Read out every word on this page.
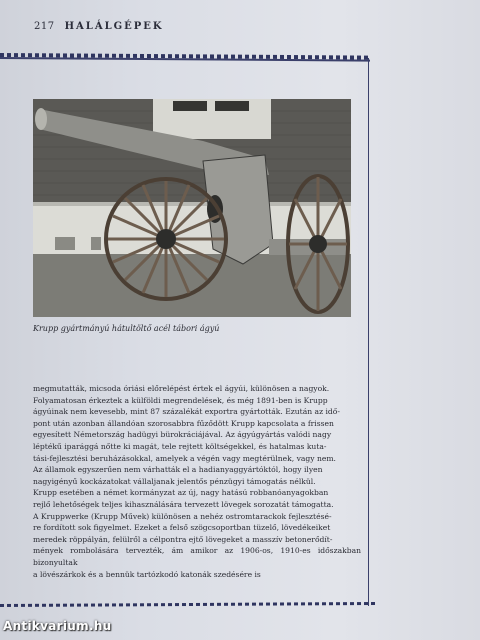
217 HALÁLGÉPEK
Krupp gyártmányú hátultöltő acél tábori ágyú

megmutatták, micsoda óriási előrelépést értek el ágyúi, különösen a nagyok.

Folyamatosan érkeztek a külföldi megrendelések, és még 1891-ben is Krupp

ágyúinak nem kevesebb, mint 87 százalékát exportra gyártották. Ezután az idő-

pont után azonban állandóan szorosabbra fűződött Krupp kapcsolata a frissen

egyesített Németország hadügyi bürokráciájával. Az ágyúgyártás valódi nagy

léptékű iparággá nőtte ki magát, tele rejtett költségekkel, és hatalmas kuta-

tási-fejlesztési beruházásokkal, amelyek a végén vagy megtérülnek, vagy nem.

Az államok egyszerűen nem várhatták el a hadianyaggyártóktól, hogy ilyen

nagyigényű kockázatokat vállaljanak jelentős pénzügyi támogatás nélkül.

Krupp esetében a német kormányzat az új, nagy hatású robbanóanyagokban

rejlő lehetőségek teljes kihasználására tervezett lövegek sorozatát támogatta.

A Kruppwerke (Krupp Művek) különösen a nehéz ostromtarackok fejlesztésé-

re fordított sok figyelmet. Ezeket a felső szögcsoportban tüzelő, lövedékeiket

meredek röppályán, felülről a célpontra ejtő lövegeket a masszív betonerődít-

mények rombolására tervezték, ám amikor az 1906-os, 1910-es időszakban bizonyultak

a lövészárkok és a bennük tartózkodó katonák szedésére is

Antikvarium.hu
